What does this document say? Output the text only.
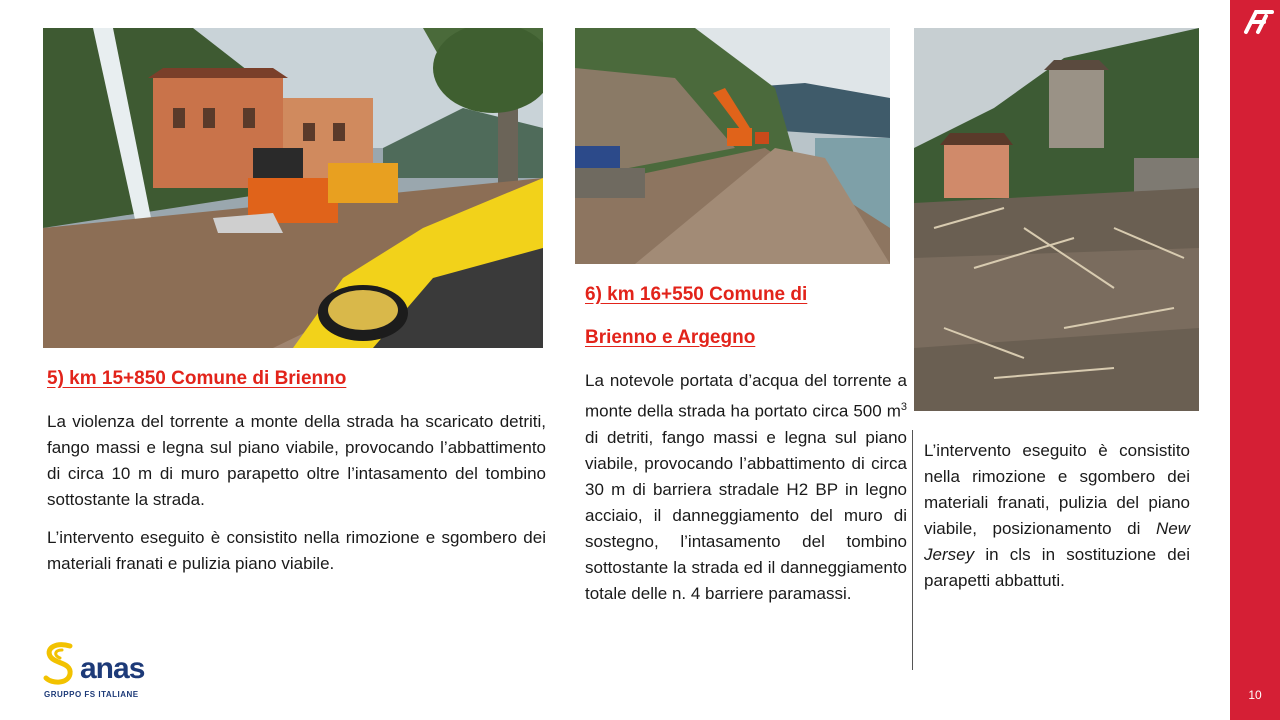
5) km 15+850 Comune di Brienno

La violenza del torrente a monte della strada ha scaricato detriti, fango massi e legna sul piano viabile, provocando l’abbattimento di circa 10 m di muro parapetto oltre l’intasamento del tombino sottostante la strada.

L’intervento eseguito è consistito nella rimozione e sgombero dei materiali franati e pulizia piano viabile.

6) km 16+550 Comune di
Brienno e Argegno

La notevole portata d’acqua del torrente a monte della strada ha portato circa 500 $m^3$ di detriti, fango massi e legna sul piano viabile, provocando l’abbattimento di circa 30 m di barriera stradale H2 BP in legno acciaio, il danneggiamento del muro di sostegno, l’intasamento del tombino sottostante la strada ed il danneggiamento totale delle n. 4 barriere paramassi.

L’intervento eseguito è consistito nella rimozione e sgombero dei materiali franati, pulizia del piano viabile, posizionamento di New Jersey in cls in sostituzione dei parapetti abbattuti.

anas
GRUPPO FS ITALIANE	10
